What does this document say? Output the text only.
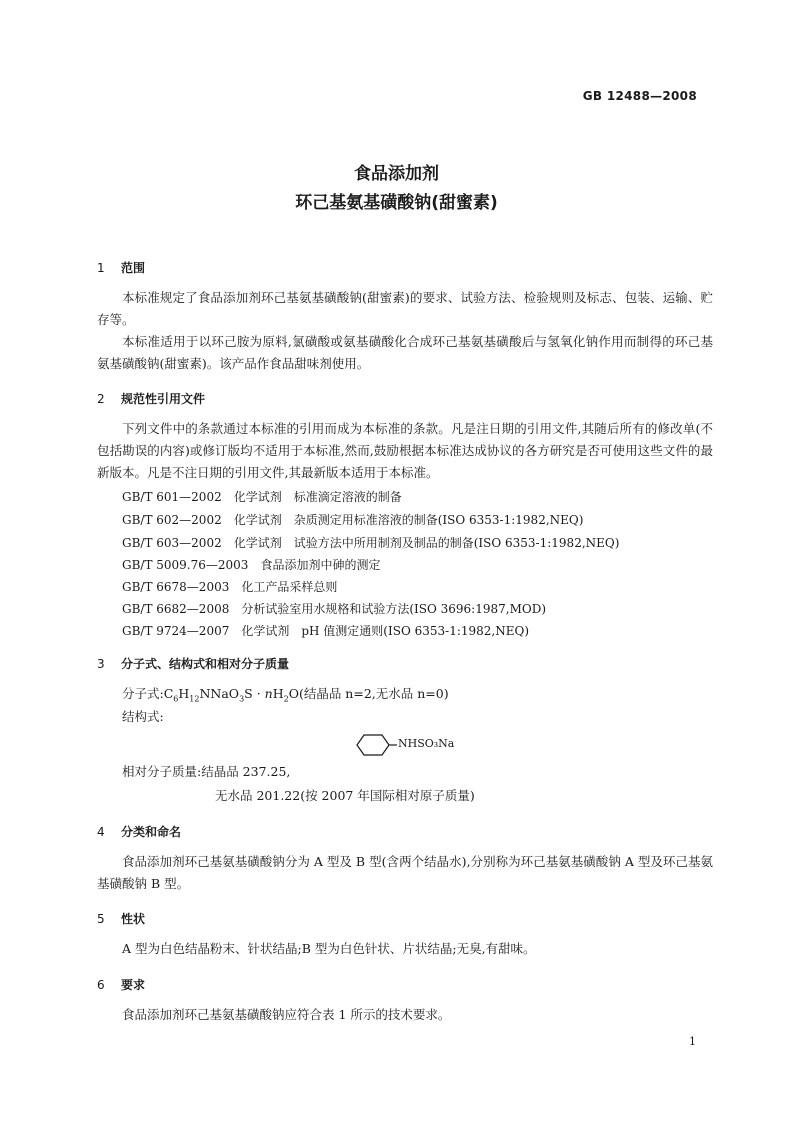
GB 12488—2008
食品添加剂
环己基氨基磺酸钠(甜蜜素)
1 范围

本标准规定了食品添加剂环己基氨基磺酸钠(甜蜜素)的要求、试验方法、检验规则及标志、包装、运输、贮存等。

本标准适用于以环己胺为原料,氯磺酸或氨基磺酸化合成环己基氨基磺酸后与氢氧化钠作用而制得的环己基氨基磺酸钠(甜蜜素)。该产品作食品甜味剂使用。

2 规范性引用文件

下列文件中的条款通过本标准的引用而成为本标准的条款。凡是注日期的引用文件,其随后所有的修改单(不包括勘误的内容)或修订版均不适用于本标准,然而,鼓励根据本标准达成协议的各方研究是否可使用这些文件的最新版本。凡是不注日期的引用文件,其最新版本适用于本标准。

GB/T 601—2002 化学试剂　标准滴定溶液的制备
GB/T 602—2002 化学试剂　杂质测定用标准溶液的制备(ISO 6353-1:1982,NEQ)
GB/T 603—2002 化学试剂　试验方法中所用制剂及制品的制备(ISO 6353-1:1982,NEQ)
GB/T 5009.76—2003 食品添加剂中砷的测定
GB/T 6678—2003 化工产品采样总则
GB/T 6682—2008 分析试验室用水规格和试验方法(ISO 3696:1987,MOD)
GB/T 9724—2007 化学试剂　pH 值测定通则(ISO 6353-1:1982,NEQ)
3 分子式、结构式和相对分子质量
分子式$:C_6H_{12}NNaO_3S \cdot nH_2O$(结晶品 n=2,无水品 n=0)
结构式:
NHSO₃Na
相对分子质量:结晶品 237.25,
无水品 201.22(按 2007 年国际相对原子质量)
4 分类和命名

食品添加剂环己基氨基磺酸钠分为 A 型及 B 型(含两个结晶水),分别称为环己基氨基磺酸钠 A 型及环己基氨基磺酸钠 B 型。

5 性状

A 型为白色结晶粉末、针状结晶;B 型为白色针状、片状结晶;无臭,有甜味。

6 要求

食品添加剂环己基氨基磺酸钠应符合表 1 所示的技术要求。

1
